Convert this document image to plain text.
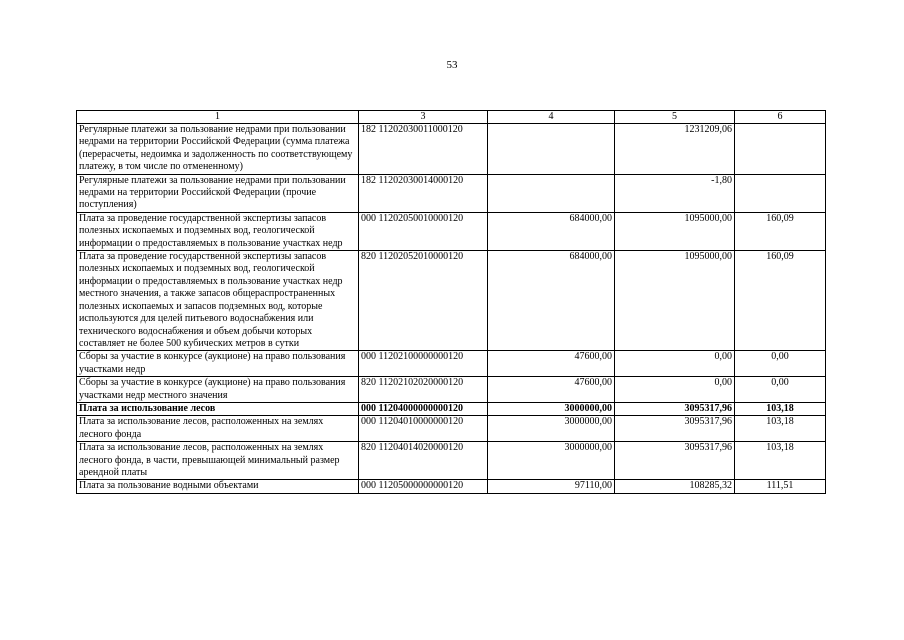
53
1	3	4	5	6
Регулярные платежи за пользование недрами при пользовании недрами на территории Российской Федерации (сумма платежа (перерасчеты, недоимка и задолженность по соответствующему платежу, в том числе по отмененному)	182 11202030011000120		1231209,06	
Регулярные платежи за пользование недрами при пользовании недрами на территории Российской Федерации (прочие поступления)	182 11202030014000120		-1,80	
Плата за проведение государственной экспертизы запасов полезных ископаемых и подземных вод, геологической информации о предоставляемых в пользование участках недр	000 11202050010000120	684000,00	1095000,00	160,09
Плата за проведение государственной экспертизы запасов полезных ископаемых и подземных вод, геологической информации о предоставляемых в пользование участках недр местного значения, а также запасов общераспространенных полезных ископаемых и запасов подземных вод, которые используются для целей питьевого водоснабжения или технического водоснабжения и объем добычи которых составляет не более 500 кубических метров в сутки	820 11202052010000120	684000,00	1095000,00	160,09
Сборы за участие в конкурсе (аукционе) на право пользования участками недр	000 11202100000000120	47600,00	0,00	0,00
Сборы за участие в конкурсе (аукционе) на право пользования участками недр местного значения	820 11202102020000120	47600,00	0,00	0,00
Плата за использование лесов	000 11204000000000120	3000000,00	3095317,96	103,18
Плата за использование лесов, расположенных на землях лесного фонда	000 11204010000000120	3000000,00	3095317,96	103,18
Плата за использование лесов, расположенных на землях лесного фонда, в части, превышающей минимальный размер арендной платы	820 11204014020000120	3000000,00	3095317,96	103,18
Плата за пользование водными объектами	000 11205000000000120	97110,00	108285,32	111,51
